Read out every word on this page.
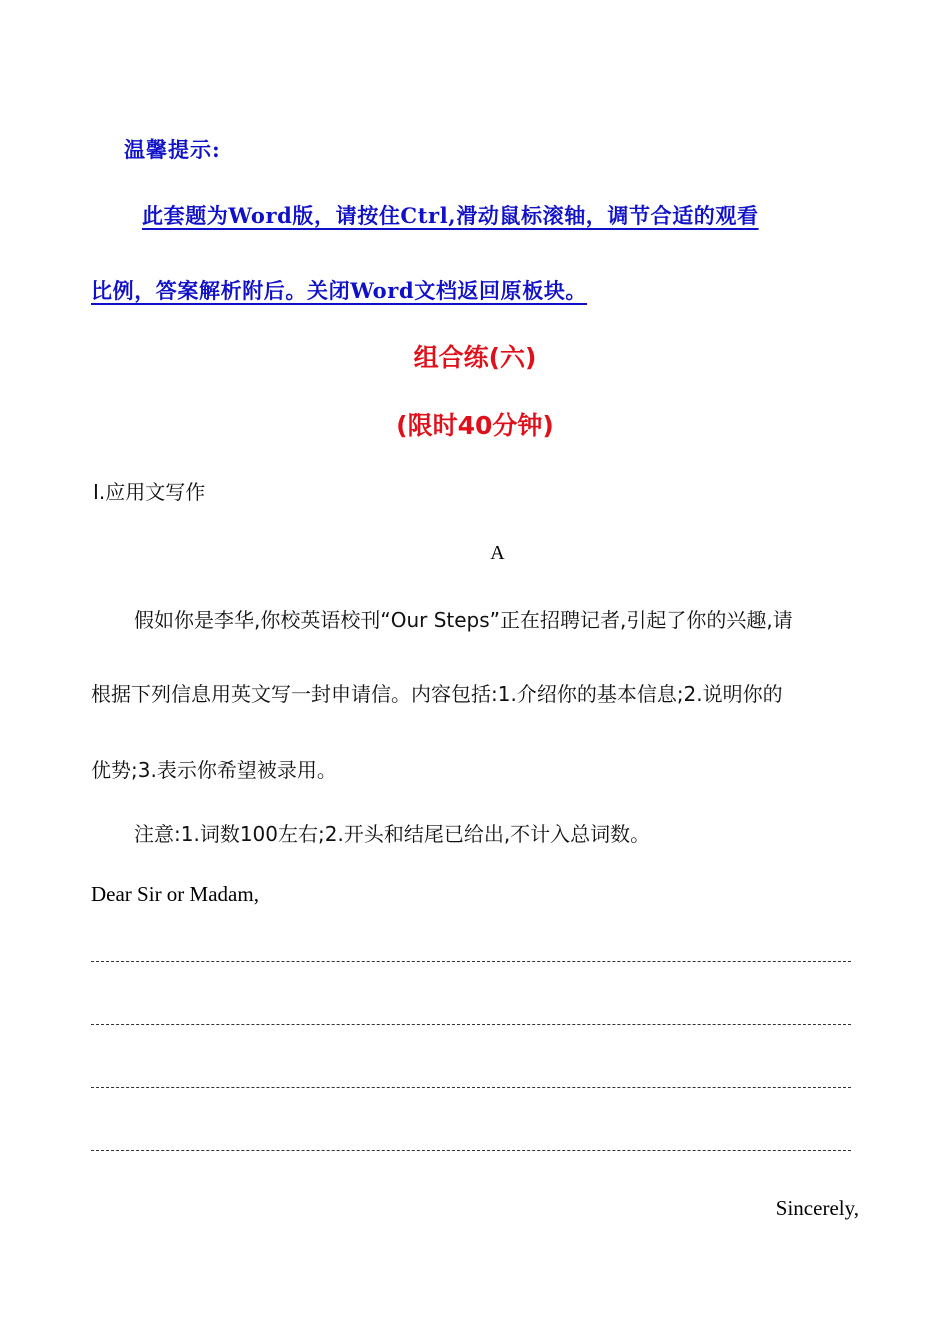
温馨提示:
此套题为Word版，请按住Ctrl,滑动鼠标滚轴，调节合适的观看
比例，答案解析附后。关闭Word文档返回原板块。
组合练(六)
(限时40分钟)
Ⅰ.应用文写作
A
假如你是李华,你校英语校刊“Our Steps”正在招聘记者,引起了你的兴趣,请
根据下列信息用英文写一封申请信。内容包括:1.介绍你的基本信息;2.说明你的
优势;3.表示你希望被录用。
注意:1.词数100左右;2.开头和结尾已给出,不计入总词数。
Dear Sir or Madam,
Sincerely,
